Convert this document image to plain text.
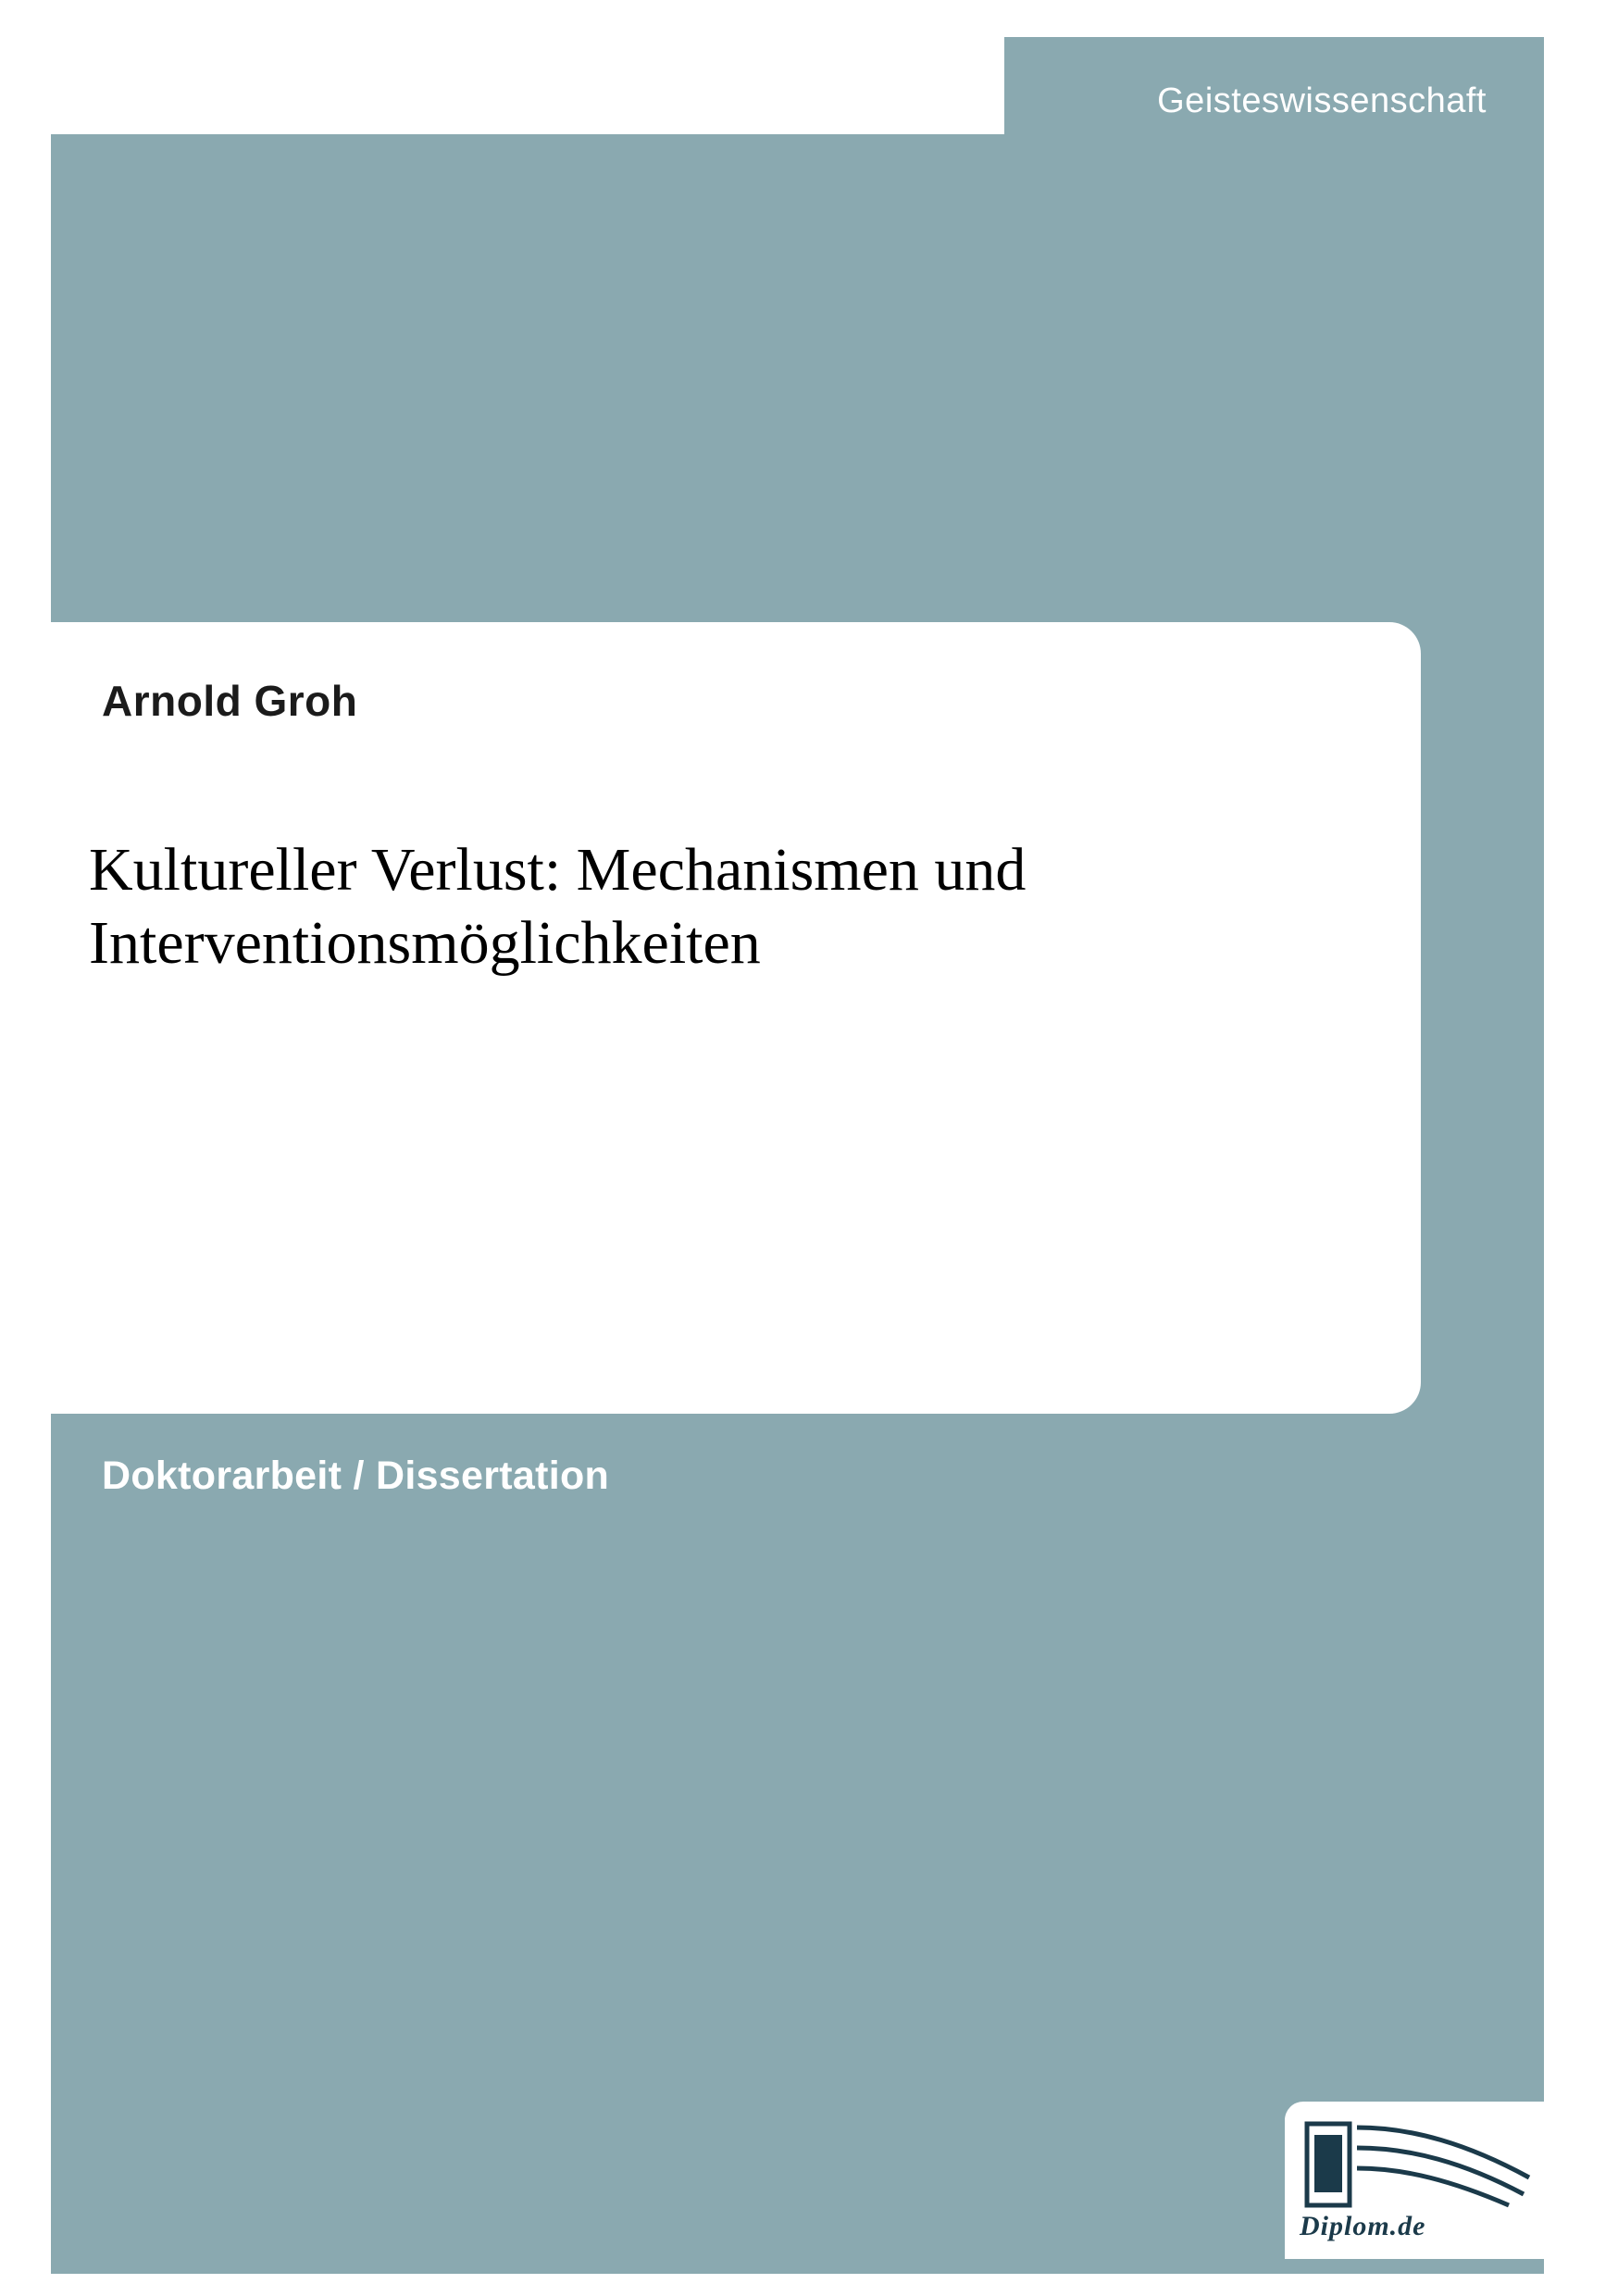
Geisteswissenschaft
Arnold Groh
Kultureller Verlust: Mechanismen und Interventionsmöglichkeiten
Doktorarbeit / Dissertation
Diplom.de
